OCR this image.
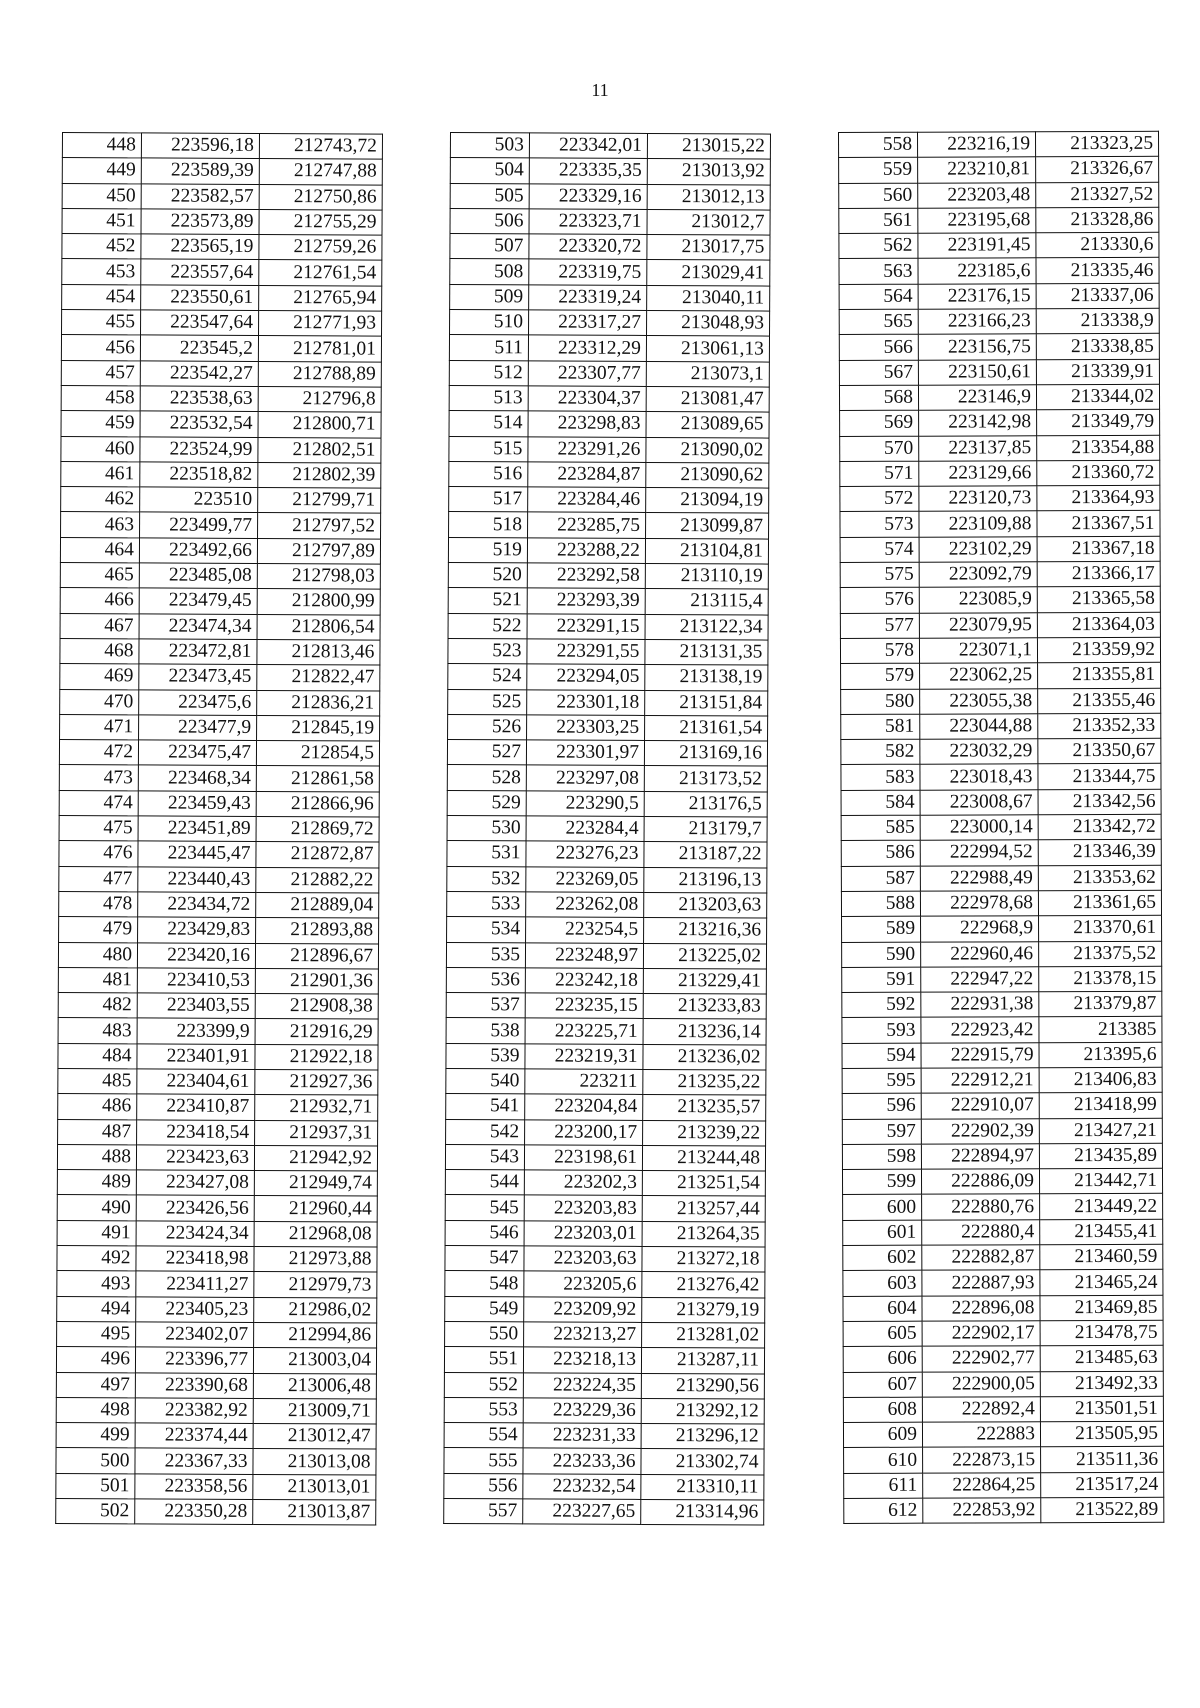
11
448	223596,18	212743,72
449	223589,39	212747,88
450	223582,57	212750,86
451	223573,89	212755,29
452	223565,19	212759,26
453	223557,64	212761,54
454	223550,61	212765,94
455	223547,64	212771,93
456	223545,2	212781,01
457	223542,27	212788,89
458	223538,63	212796,8
459	223532,54	212800,71
460	223524,99	212802,51
461	223518,82	212802,39
462	223510	212799,71
463	223499,77	212797,52
464	223492,66	212797,89
465	223485,08	212798,03
466	223479,45	212800,99
467	223474,34	212806,54
468	223472,81	212813,46
469	223473,45	212822,47
470	223475,6	212836,21
471	223477,9	212845,19
472	223475,47	212854,5
473	223468,34	212861,58
474	223459,43	212866,96
475	223451,89	212869,72
476	223445,47	212872,87
477	223440,43	212882,22
478	223434,72	212889,04
479	223429,83	212893,88
480	223420,16	212896,67
481	223410,53	212901,36
482	223403,55	212908,38
483	223399,9	212916,29
484	223401,91	212922,18
485	223404,61	212927,36
486	223410,87	212932,71
487	223418,54	212937,31
488	223423,63	212942,92
489	223427,08	212949,74
490	223426,56	212960,44
491	223424,34	212968,08
492	223418,98	212973,88
493	223411,27	212979,73
494	223405,23	212986,02
495	223402,07	212994,86
496	223396,77	213003,04
497	223390,68	213006,48
498	223382,92	213009,71
499	223374,44	213012,47
500	223367,33	213013,08
501	223358,56	213013,01
502	223350,28	213013,87
503	223342,01	213015,22
504	223335,35	213013,92
505	223329,16	213012,13
506	223323,71	213012,7
507	223320,72	213017,75
508	223319,75	213029,41
509	223319,24	213040,11
510	223317,27	213048,93
511	223312,29	213061,13
512	223307,77	213073,1
513	223304,37	213081,47
514	223298,83	213089,65
515	223291,26	213090,02
516	223284,87	213090,62
517	223284,46	213094,19
518	223285,75	213099,87
519	223288,22	213104,81
520	223292,58	213110,19
521	223293,39	213115,4
522	223291,15	213122,34
523	223291,55	213131,35
524	223294,05	213138,19
525	223301,18	213151,84
526	223303,25	213161,54
527	223301,97	213169,16
528	223297,08	213173,52
529	223290,5	213176,5
530	223284,4	213179,7
531	223276,23	213187,22
532	223269,05	213196,13
533	223262,08	213203,63
534	223254,5	213216,36
535	223248,97	213225,02
536	223242,18	213229,41
537	223235,15	213233,83
538	223225,71	213236,14
539	223219,31	213236,02
540	223211	213235,22
541	223204,84	213235,57
542	223200,17	213239,22
543	223198,61	213244,48
544	223202,3	213251,54
545	223203,83	213257,44
546	223203,01	213264,35
547	223203,63	213272,18
548	223205,6	213276,42
549	223209,92	213279,19
550	223213,27	213281,02
551	223218,13	213287,11
552	223224,35	213290,56
553	223229,36	213292,12
554	223231,33	213296,12
555	223233,36	213302,74
556	223232,54	213310,11
557	223227,65	213314,96
558	223216,19	213323,25
559	223210,81	213326,67
560	223203,48	213327,52
561	223195,68	213328,86
562	223191,45	213330,6
563	223185,6	213335,46
564	223176,15	213337,06
565	223166,23	213338,9
566	223156,75	213338,85
567	223150,61	213339,91
568	223146,9	213344,02
569	223142,98	213349,79
570	223137,85	213354,88
571	223129,66	213360,72
572	223120,73	213364,93
573	223109,88	213367,51
574	223102,29	213367,18
575	223092,79	213366,17
576	223085,9	213365,58
577	223079,95	213364,03
578	223071,1	213359,92
579	223062,25	213355,81
580	223055,38	213355,46
581	223044,88	213352,33
582	223032,29	213350,67
583	223018,43	213344,75
584	223008,67	213342,56
585	223000,14	213342,72
586	222994,52	213346,39
587	222988,49	213353,62
588	222978,68	213361,65
589	222968,9	213370,61
590	222960,46	213375,52
591	222947,22	213378,15
592	222931,38	213379,87
593	222923,42	213385
594	222915,79	213395,6
595	222912,21	213406,83
596	222910,07	213418,99
597	222902,39	213427,21
598	222894,97	213435,89
599	222886,09	213442,71
600	222880,76	213449,22
601	222880,4	213455,41
602	222882,87	213460,59
603	222887,93	213465,24
604	222896,08	213469,85
605	222902,17	213478,75
606	222902,77	213485,63
607	222900,05	213492,33
608	222892,4	213501,51
609	222883	213505,95
610	222873,15	213511,36
611	222864,25	213517,24
612	222853,92	213522,89
